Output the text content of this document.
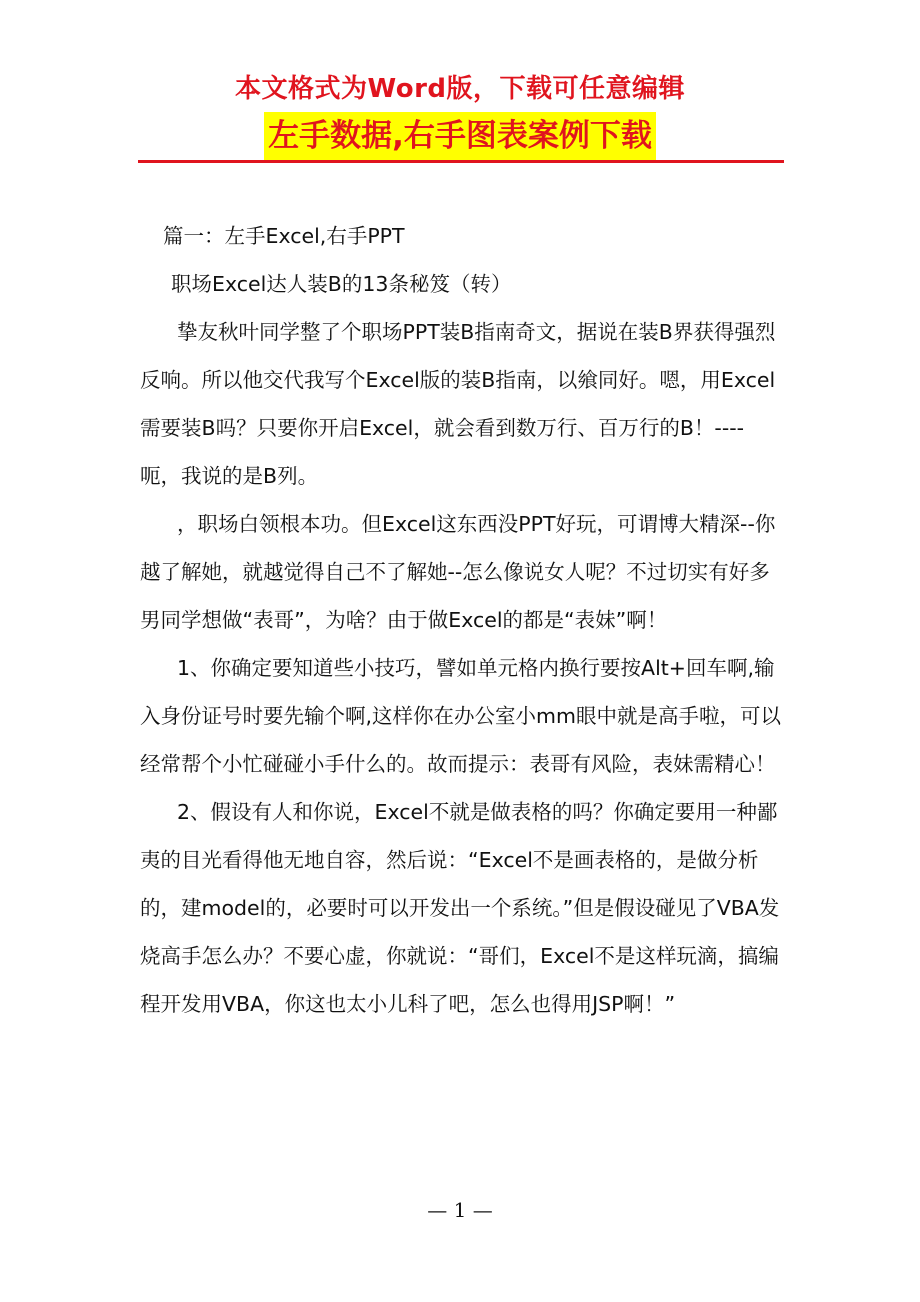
本文格式为Word版，下载可任意编辑
左手数据,右手图表案例下载

篇一：左手Excel,右手PPT

职场Excel达人装B的13条秘笈（转）

挚友秋叶同学整了个职场PPT装B指南奇文，据说在装B界获得强烈反响。所以他交代我写个Excel版的装B指南，以飨同好。嗯，用Excel需要装B吗？只要你开启Excel，就会看到数万行、百万行的B！----呃，我说的是B列。

，职场白领根本功。但Excel这东西没PPT好玩，可谓博大精深--你越了解她，就越觉得自己不了解她--怎么像说女人呢？不过切实有好多男同学想做“表哥”，为啥？由于做Excel的都是“表妹”啊！

1、你确定要知道些小技巧，譬如单元格内换行要按Alt+回车啊,输入身份证号时要先输个啊,这样你在办公室小mm眼中就是高手啦，可以经常帮个小忙碰碰小手什么的。故而提示：表哥有风险，表妹需精心！

2、假设有人和你说，Excel不就是做表格的吗？你确定要用一种鄙夷的目光看得他无地自容，然后说：“Excel不是画表格的，是做分析的，建model的，必要时可以开发出一个系统。”但是假设碰见了VBA发烧高手怎么办？不要心虚，你就说：“哥们，Excel不是这样玩滴，搞编程开发用VBA，你这也太小儿科了吧，怎么也得用JSP啊！”

— 1 —
